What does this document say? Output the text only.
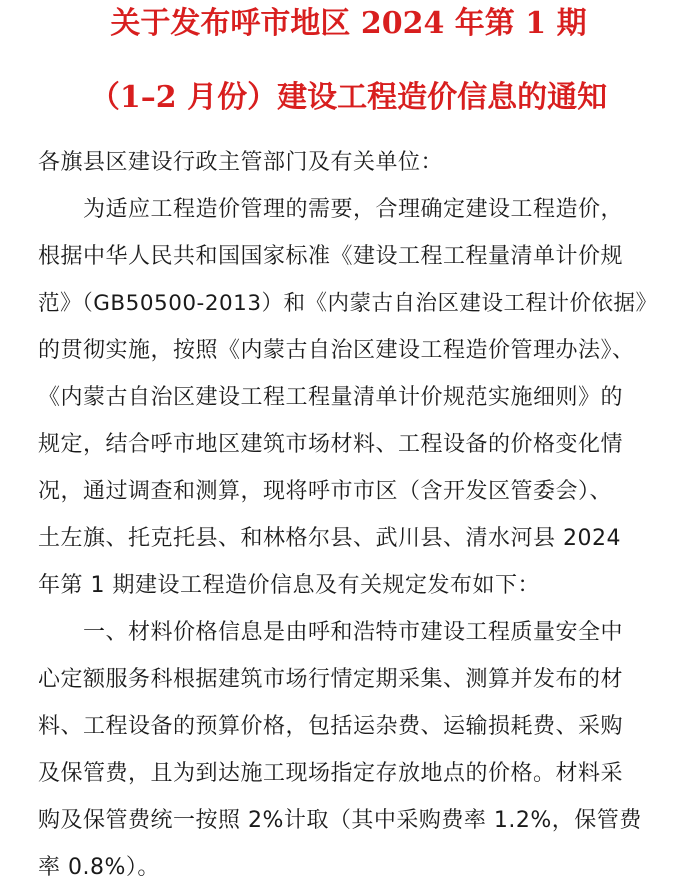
关于发布呼市地区 2024 年第 1 期
（1–2 月份）建设工程造价信息的通知
各旗县区建设行政主管部门及有关单位：
为适应工程造价管理的需要，合理确定建设工程造价，
根据中华人民共和国国家标准《建设工程工程量清单计价规
范》（GB50500-2013）和《内蒙古自治区建设工程计价依据》
的贯彻实施，按照《内蒙古自治区建设工程造价管理办法》、
《内蒙古自治区建设工程工程量清单计价规范实施细则》的
规定，结合呼市地区建筑市场材料、工程设备的价格变化情
况，通过调查和测算，现将呼市市区（含开发区管委会）、
土左旗、托克托县、和林格尔县、武川县、清水河县 2024
年第 1 期建设工程造价信息及有关规定发布如下：
一、材料价格信息是由呼和浩特市建设工程质量安全中
心定额服务科根据建筑市场行情定期采集、测算并发布的材
料、工程设备的预算价格，包括运杂费、运输损耗费、采购
及保管费，且为到达施工现场指定存放地点的价格。材料采
购及保管费统一按照 2%计取（其中采购费率 1.2%，保管费
率 0.8%）。
